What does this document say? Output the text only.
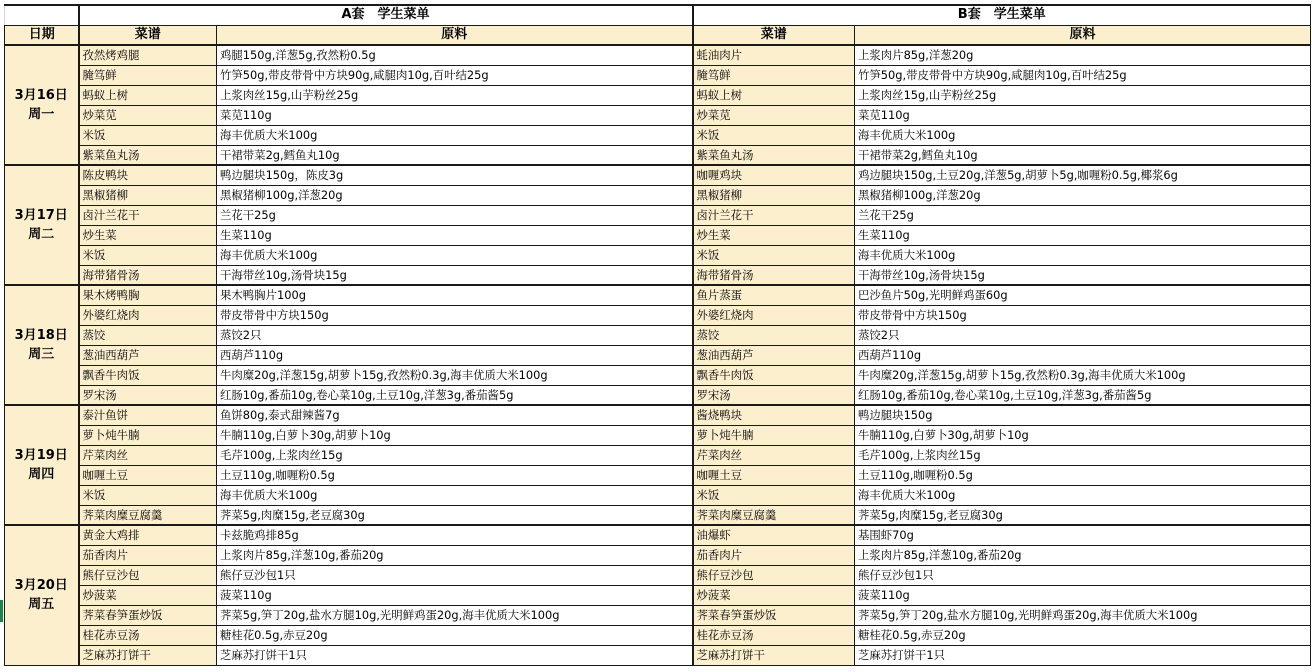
	A套　学生菜单		B套　学生菜单	
日期	菜谱	原料	菜谱	原料

3月16日
周一	孜然烤鸡腿	鸡腿150g,洋葱5g,孜然粉0.5g	蚝油肉片	上浆肉片85g,洋葱20g
	腌笃鲜	竹笋50g,带皮带骨中方块90g,咸腿肉10g,百叶结25g	腌笃鲜	竹笋50g,带皮带骨中方块90g,咸腿肉10g,百叶结25g
	蚂蚁上树	上浆肉丝15g,山芋粉丝25g	蚂蚁上树	上浆肉丝15g,山芋粉丝25g
	炒菜苋	菜苋110g	炒菜苋	菜苋110g
	米饭	海丰优质大米100g	米饭	海丰优质大米100g
	紫菜鱼丸汤	干裙带菜2g,鳕鱼丸10g	紫菜鱼丸汤	干裙带菜2g,鳕鱼丸10g

3月17日
周二	陈皮鸭块	鸭边腿块150g，陈皮3g	咖喱鸡块	鸡边腿块150g,土豆20g,洋葱5g,胡萝卜5g,咖喱粉0.5g,椰浆6g
	黑椒猪柳	黑椒猪柳100g,洋葱20g	黑椒猪柳	黑椒猪柳100g,洋葱20g
	卤汁兰花干	兰花干25g	卤汁兰花干	兰花干25g
	炒生菜	生菜110g	炒生菜	生菜110g
	米饭	海丰优质大米100g	米饭	海丰优质大米100g
	海带猪骨汤	干海带丝10g,汤骨块15g	海带猪骨汤	干海带丝10g,汤骨块15g

3月18日
周三	果木烤鸭胸	果木鸭胸片100g	鱼片蒸蛋	巴沙鱼片50g,光明鲜鸡蛋60g
	外婆红烧肉	带皮带骨中方块150g	外婆红烧肉	带皮带骨中方块150g
	蒸饺	蒸饺2只	蒸饺	蒸饺2只
	葱油西葫芦	西葫芦110g	葱油西葫芦	西葫芦110g
	飘香牛肉饭	牛肉糜20g,洋葱15g,胡萝卜15g,孜然粉0.3g,海丰优质大米100g	飘香牛肉饭	牛肉糜20g,洋葱15g,胡萝卜15g,孜然粉0.3g,海丰优质大米100g
	罗宋汤	红肠10g,番茄10g,卷心菜10g,土豆10g,洋葱3g,番茄酱5g	罗宋汤	红肠10g,番茄10g,卷心菜10g,土豆10g,洋葱3g,番茄酱5g

3月19日
周四	泰汁鱼饼	鱼饼80g,泰式甜辣酱7g	酱烧鸭块	鸭边腿块150g
	萝卜炖牛腩	牛腩110g,白萝卜30g,胡萝卜10g	萝卜炖牛腩	牛腩110g,白萝卜30g,胡萝卜10g
	芹菜肉丝	毛芹100g,上浆肉丝15g	芹菜肉丝	毛芹100g,上浆肉丝15g
	咖喱土豆	土豆110g,咖喱粉0.5g	咖喱土豆	土豆110g,咖喱粉0.5g
	米饭	海丰优质大米100g	米饭	海丰优质大米100g
	荠菜肉糜豆腐羹	荠菜5g,肉糜15g,老豆腐30g	荠菜肉糜豆腐羹	荠菜5g,肉糜15g,老豆腐30g

3月20日
周五	黄金大鸡排	卡兹脆鸡排85g	油爆虾	基围虾70g
	茄香肉片	上浆肉片85g,洋葱10g,番茄20g	茄香肉片	上浆肉片85g,洋葱10g,番茄20g
	熊仔豆沙包	熊仔豆沙包1只	熊仔豆沙包	熊仔豆沙包1只
	炒菠菜	菠菜110g	炒菠菜	菠菜110g
	荠菜春笋蛋炒饭	荠菜5g,笋丁20g,盐水方腿10g,光明鲜鸡蛋20g,海丰优质大米100g	荠菜春笋蛋炒饭	荠菜5g,笋丁20g,盐水方腿10g,光明鲜鸡蛋20g,海丰优质大米100g
	桂花赤豆汤	糖桂花0.5g,赤豆20g	桂花赤豆汤	糖桂花0.5g,赤豆20g
	芝麻苏打饼干	芝麻苏打饼干1只	芝麻苏打饼干	芝麻苏打饼干1只
